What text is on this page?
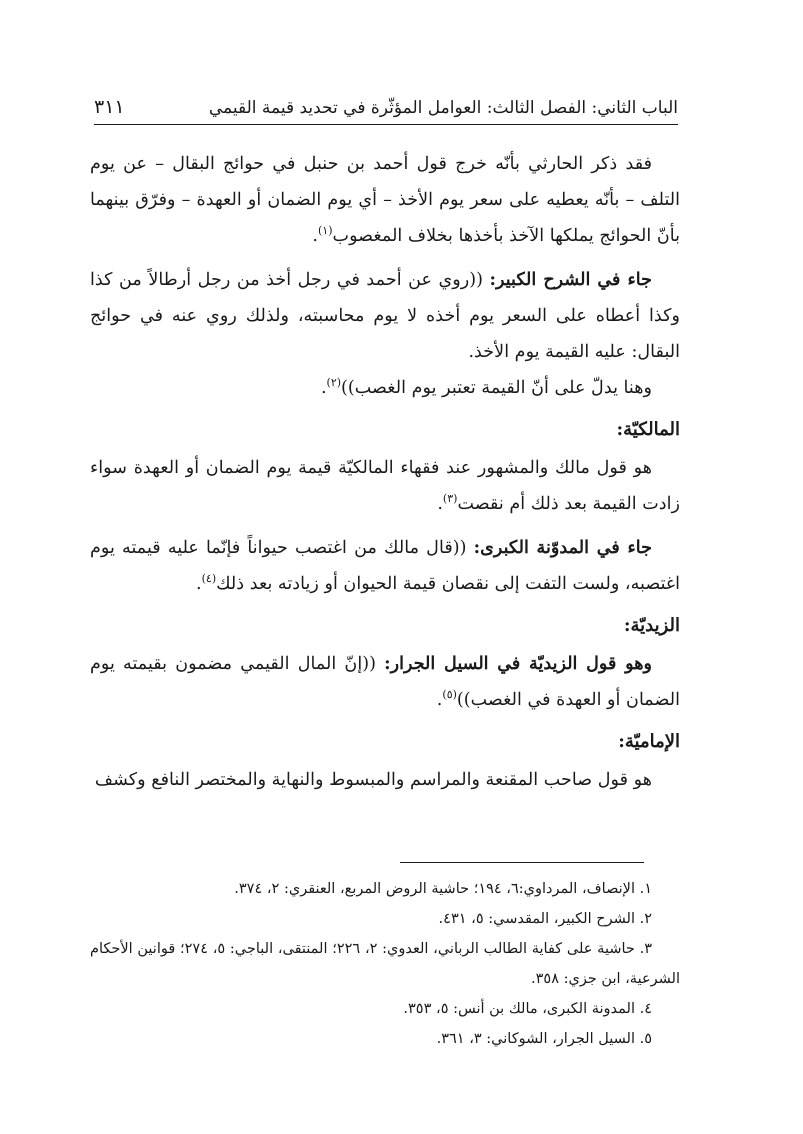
الباب الثاني: الفصل الثالث: العوامل المؤثّرة في تحديد قيمة القيمي
٣١١

فقد ذكر الحارثي بأنّه خرج قول أحمد بن حنبل في حوائج البقال – عن يوم التلف – بأنّه يعطيه على سعر يوم الأخذ – أي يوم الضمان أو العهدة – وفرّق بينهما بأنّ الحوائج يملكها الآخذ بأخذها بخلاف المغصوب$^{(١)}$.

جاء في الشرح الكبير: ((روي عن أحمد في رجل أخذ من رجل أرطالاً من كذا وكذا أعطاه على السعر يوم أخذه لا يوم محاسبته، ولذلك روي عنه في حوائج البقال: عليه القيمة يوم الأخذ.

وهنا يدلّ على أنّ القيمة تعتبر يوم الغصب))$^{(٢)}$.

المالكيّة:

هو قول مالك والمشهور عند فقهاء المالكيّة قيمة يوم الضمان أو العهدة سواء زادت القيمة بعد ذلك أم نقصت$^{(٣)}$.

جاء في المدوّنة الكبرى: ((قال مالك من اغتصب حيواناً فإنّما عليه قيمته يوم اغتصبه، ولست التفت إلى نقصان قيمة الحيوان أو زيادته بعد ذلك$^{(٤)}$.

الزيديّة:

وهو قول الزيديّة في السيل الجرار: ((إنّ المال القيمي مضمون بقيمته يوم الضمان أو العهدة في الغصب))$^{(٥)}$.

الإماميّة:

هو قول صاحب المقنعة والمراسم والمبسوط والنهاية والمختصر النافع وكشف

١. الإنصاف، المرداوي:٦، ١٩٤؛ حاشية الروض المربع، العنقري: ٢، ٣٧٤.

٢. الشرح الكبير، المقدسي: ٥، ٤٣١.

٣. حاشية على كفاية الطالب الرباني، العدوي: ٢، ٢٢٦؛ المنتقى، الباجي: ٥، ٢٧٤؛ قوانين الأحكام الشرعية، ابن جزي: ٣٥٨.

٤. المدونة الكبرى، مالك بن أنس: ٥، ٣٥٣.

٥. السيل الجرار، الشوكاني: ٣، ٣٦١.
